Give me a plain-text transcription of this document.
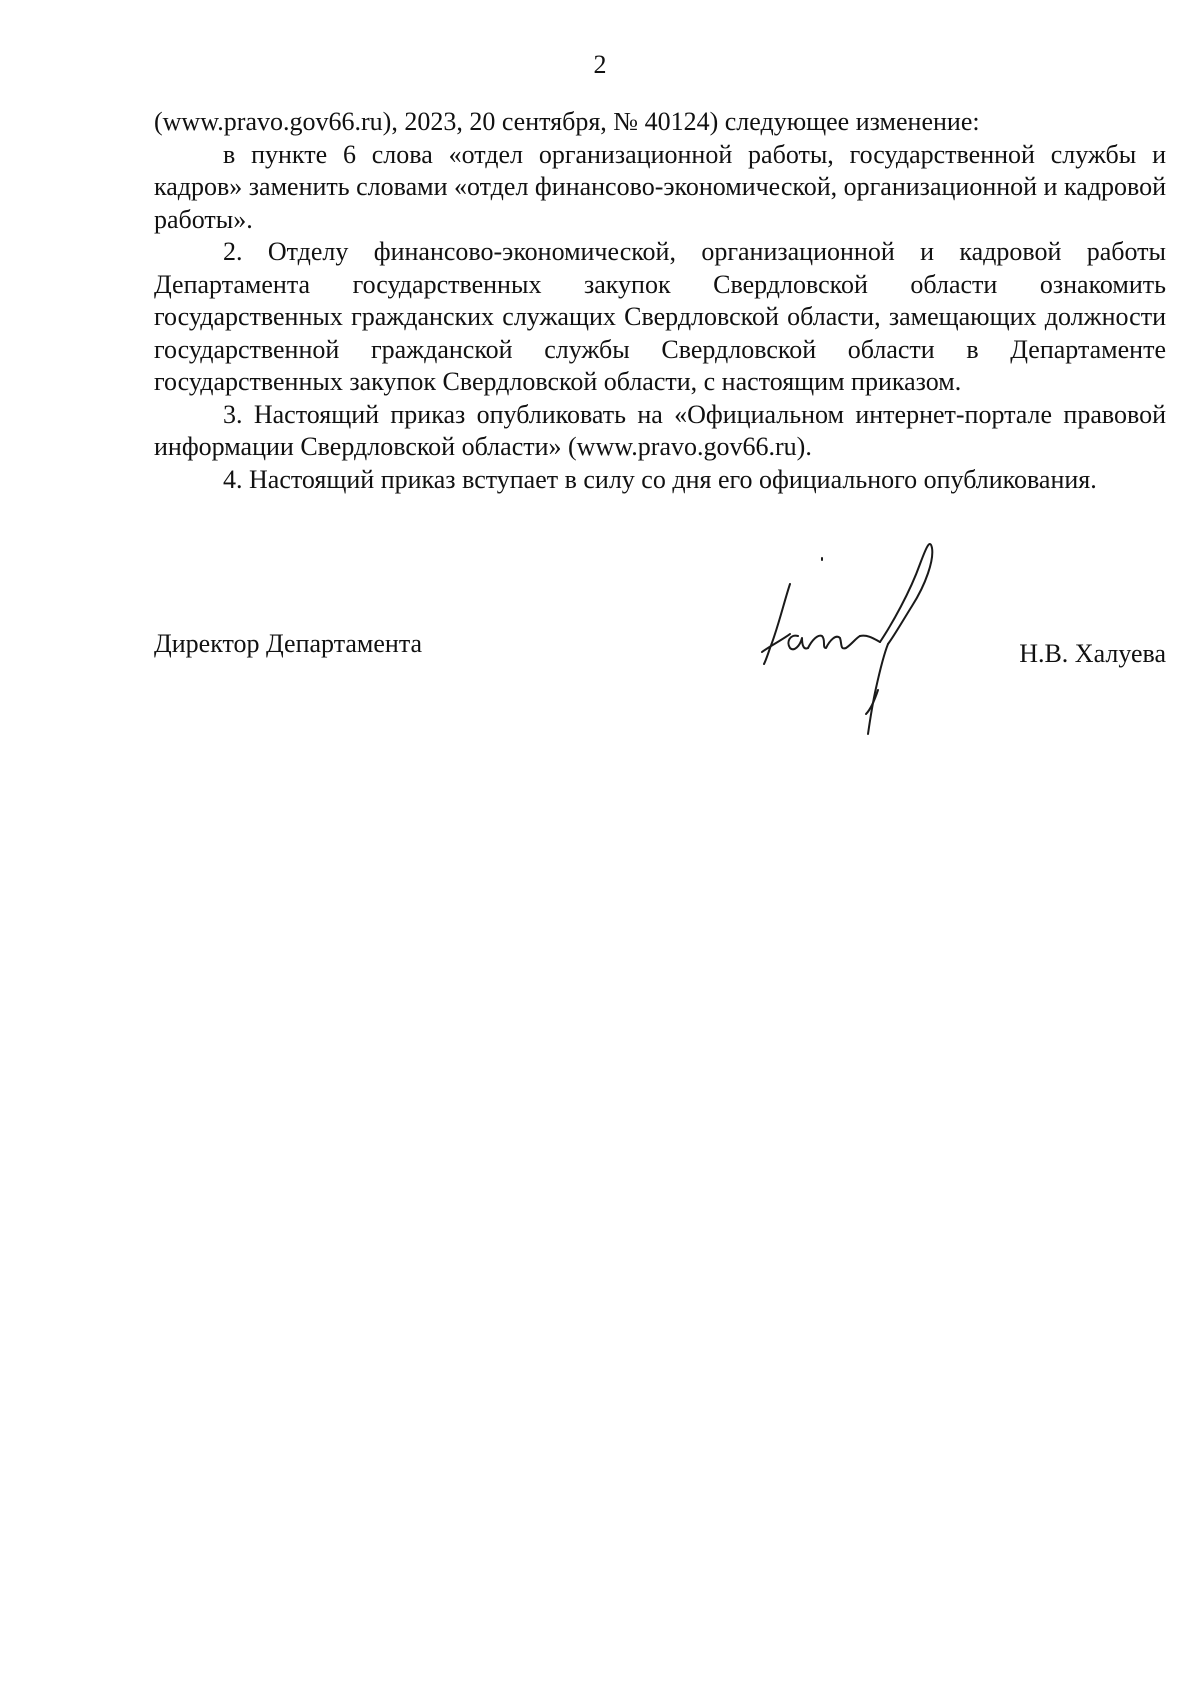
2

(www.pravo.gov66.ru), 2023, 20 сентября, № 40124) следующее изменение:

в пункте 6 слова «отдел организационной работы, государственной службы и кадров» заменить словами «отдел финансово-экономической, организационной и кадровой работы».

2. Отделу финансово-экономической, организационной и кадровой работы Департамента государственных закупок Свердловской области ознакомить государственных гражданских служащих Свердловской области, замещающих должности государственной гражданской службы Свердловской области в Департаменте государственных закупок Свердловской области, с настоящим приказом.

3. Настоящий приказ опубликовать на «Официальном интернет-портале правовой информации Свердловской области» (www.pravo.gov66.ru).

4. Настоящий приказ вступает в силу со дня его официального опубликования.

Директор Департамента	Н.В. Халуева
